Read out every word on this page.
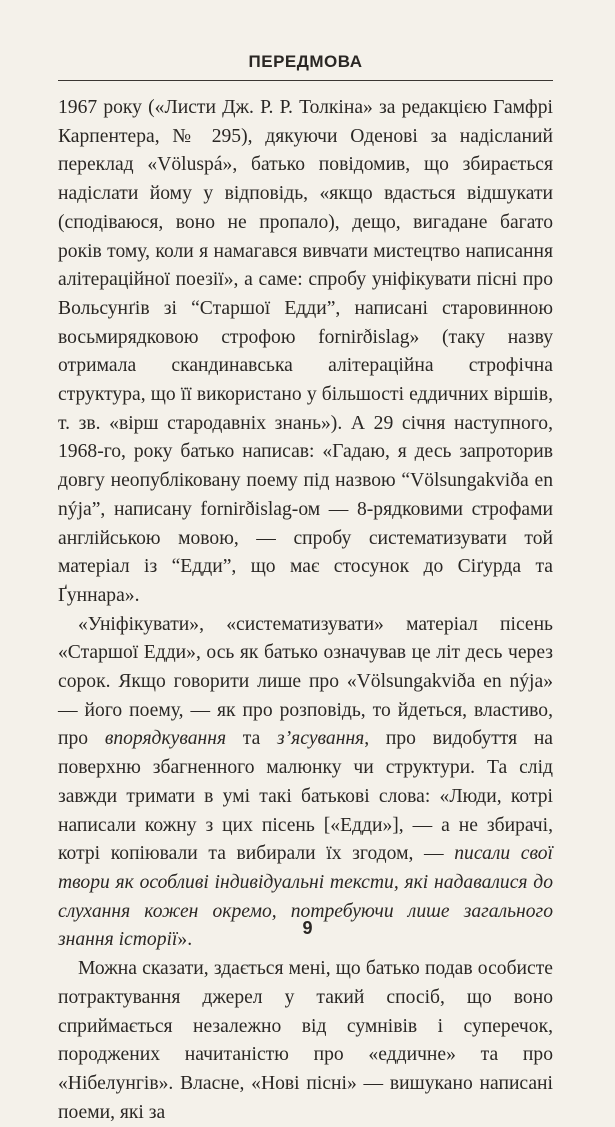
ПЕРЕДМОВА

1967 року («Листи Дж. Р. Р. Толкіна» за редакцією Гамфрі Карпентера, № 295), дякуючи Оденові за надісланий переклад «Völuspá», батько повідомив, що збирається надіслати йому у відповідь, «якщо вдасться відшукати (сподіваюся, воно не пропало), дещо, вигадане багато років тому, коли я намагався вивчати мистецтво написання алітераційної поезії», а саме: спробу уніфікувати пісні про Вольсунґів зі “Старшої Едди”, написані старовинною восьмирядковою строфою fornirðislag» (таку назву отримала скандинавська алітераційна строфічна структура, що її використано у більшості еддичних віршів, т. зв. «вірш стародавніх знань»). А 29 січня наступного, 1968-го, року батько написав: «Гадаю, я десь запроторив довгу неопубліковану поему під назвою “Völsungakviða en nýja”, написану fornirðislag-ом — 8-рядковими строфами англійською мовою, — спробу систематизувати той матеріал із “Едди”, що має стосунок до Сіґурда та Ґуннара».

«Уніфікувати», «систематизувати» матеріал пісень «Старшої Едди», ось як батько означував це літ десь через сорок. Якщо говорити лише про «Völsungakviða en nýja» — його поему, — як про розповідь, то йдеться, властиво, про впорядкування та з’ясування, про видобуття на поверхню збагненного малюнку чи структури. Та слід завжди тримати в умі такі батькові слова: «Люди, котрі написали кожну з цих пісень [«Едди»], — а не збирачі, котрі копіювали та вибирали їх згодом, — писали свої твори як особливі індивідуальні тексти, які надавалися до слухання кожен окремо, потребуючи лише загального знання історії».

Можна сказати, здається мені, що батько подав особисте потрактування джерел у такий спосіб, що воно сприймається незалежно від сумнівів і суперечок, породжених начитаністю про «еддичне» та про «Нібелунгів». Власне, «Нові пісні» — вишукано написані поеми, які за

9
